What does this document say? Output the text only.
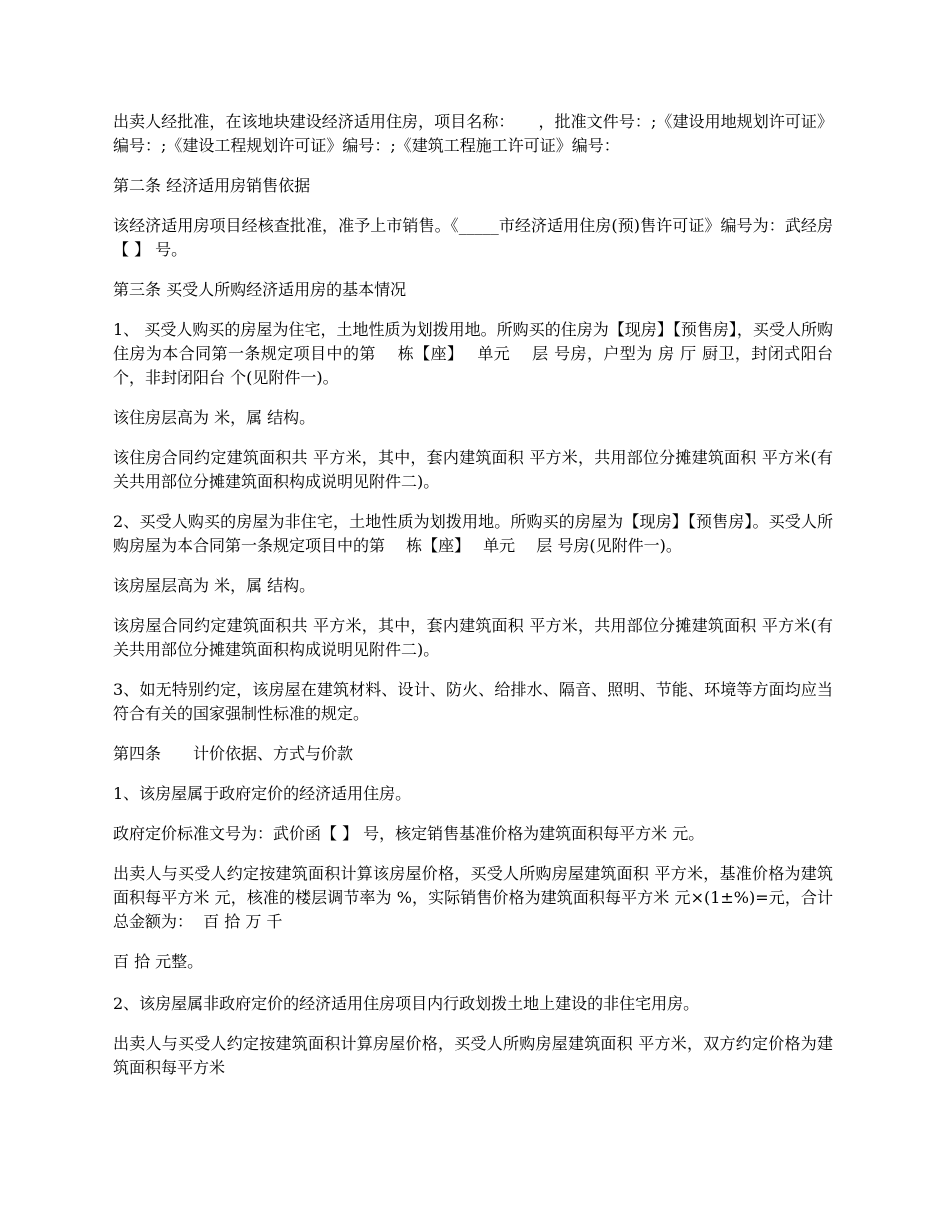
出卖人经批准，在该地块建设经济适用住房，项目名称：　　，批准文件号：;《建设用地规划许可证》编号：;《建设工程规划许可证》编号：;《建筑工程施工许可证》编号：

第二条 经济适用房销售依据

该经济适用房项目经核查批准，准予上市销售。《_____市经济适用住房(预)售许可证》编号为：武经房【 】 号。

第三条 买受人所购经济适用房的基本情况

1、 买受人购买的房屋为住宅，土地性质为划拨用地。所购买的住房为【现房】【预售房】，买受人所购住房为本合同第一条规定项目中的第　 栋【座】　 单元　 层 号房，户型为 房 厅 厨卫，封闭式阳台 个，非封闭阳台 个(见附件一)。

该住房层高为 米，属 结构。

该住房合同约定建筑面积共 平方米，其中，套内建筑面积 平方米，共用部位分摊建筑面积 平方米(有关共用部位分摊建筑面积构成说明见附件二)。

2、买受人购买的房屋为非住宅，土地性质为划拨用地。所购买的房屋为【现房】【预售房】。买受人所购房屋为本合同第一条规定项目中的第　 栋【座】　 单元　 层 号房(见附件一)。

该房屋层高为 米，属 结构。

该房屋合同约定建筑面积共 平方米，其中，套内建筑面积 平方米，共用部位分摊建筑面积 平方米(有关共用部位分摊建筑面积构成说明见附件二)。

3、如无特别约定，该房屋在建筑材料、设计、防火、给排水、隔音、照明、节能、环境等方面均应当符合有关的国家强制性标准的规定。

第四条　　计价依据、方式与价款

1、该房屋属于政府定价的经济适用住房。

政府定价标准文号为：武价函【 】 号，核定销售基准价格为建筑面积每平方米 元。

出卖人与买受人约定按建筑面积计算该房屋价格，买受人所购房屋建筑面积 平方米，基准价格为建筑面积每平方米 元，核准的楼层调节率为 %，实际销售价格为建筑面积每平方米 元×(1±%)=元，合计总金额为：  百 拾 万 千

百 拾 元整。

2、该房屋属非政府定价的经济适用住房项目内行政划拨土地上建设的非住宅用房。

出卖人与买受人约定按建筑面积计算房屋价格，买受人所购房屋建筑面积 平方米，双方约定价格为建筑面积每平方米
